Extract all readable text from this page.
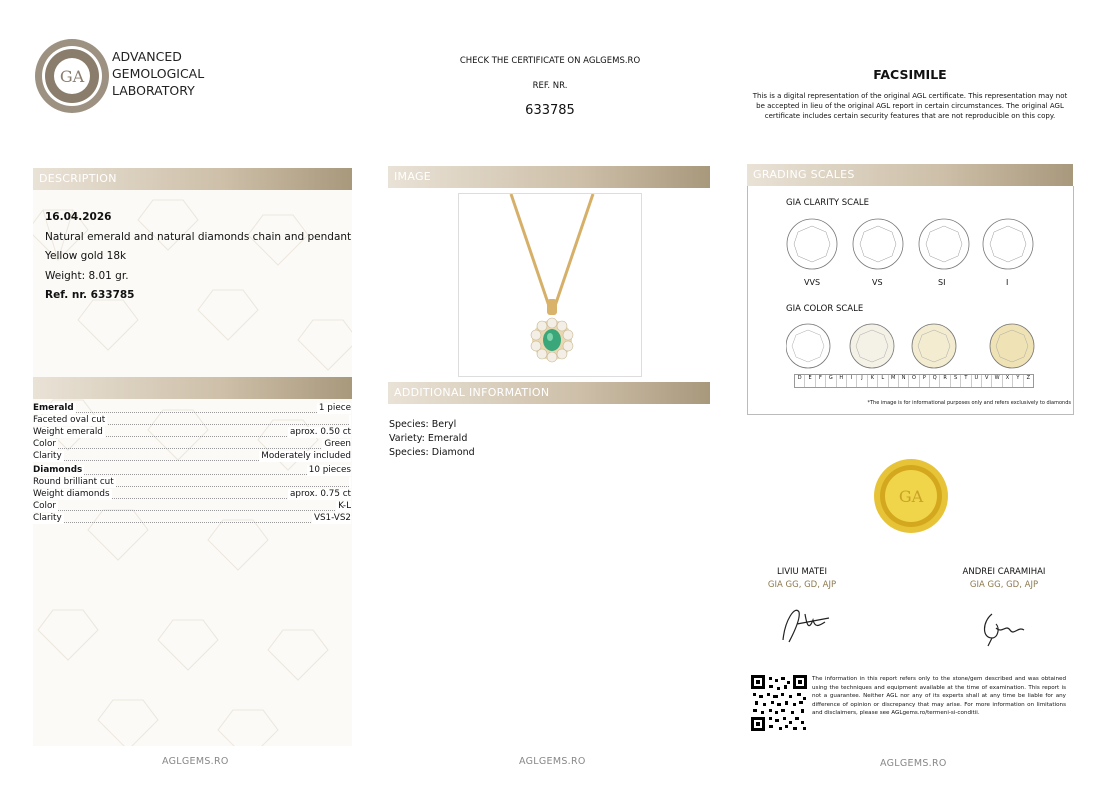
GA
ADVANCED
GEMOLOGICAL
LABORATORY
CHECK THE CERTIFICATE ON AGLGEMS.RO
REF. NR.
633785
FACSIMILE
This is a digital representation of the original AGL certificate. This representation may not be accepted in lieu of the original AGL report in certain circumstances. The original AGL certificate includes certain security features that are not reproducible on this copy.
DESCRIPTION
16.04.2026
Natural emerald and natural diamonds chain and pendant
Yellow gold 18k
Weight: 8.01 gr.
Ref. nr. 633785
Emerald	1 piece
Faceted oval cut
Weight emerald	aprox. 0.50 ct
Color	Green
Clarity	Moderately included
Diamonds	10 pieces
Round brilliant cut
Weight diamonds	aprox. 0.75 ct
Color	K-L
Clarity	VS1-VS2
IMAGE
ADDITIONAL INFORMATION
Species: Beryl
Variety: Emerald
Species: Diamond
GRADING SCALES
GIA CLARITY SCALE
VVS	VS	SI	I
GIA COLOR SCALE
D	E	F	G	H	I	J	K	L	M	N	O	P	Q	R	S	T	U	V	W	X	Y	Z
*The image is for informational purposes only and refers exclusively to diamonds
GA
LIVIU MATEI
GIA GG, GD, AJP
ANDREI CARAMIHAI
GIA GG, GD, AJP
The information in this report refers only to the stone/gem described and was obtained using the techniques and equipment available at the time of examination. This report is not a guarantee. Neither AGL nor any of its experts shall at any time be liable for any difference of opinion or discrepancy that may arise. For more information on limitations and disclaimers, please see AGLgems.ro/termeni-si-conditii.
AGLGEMS.RO	AGLGEMS.RO	AGLGEMS.RO
